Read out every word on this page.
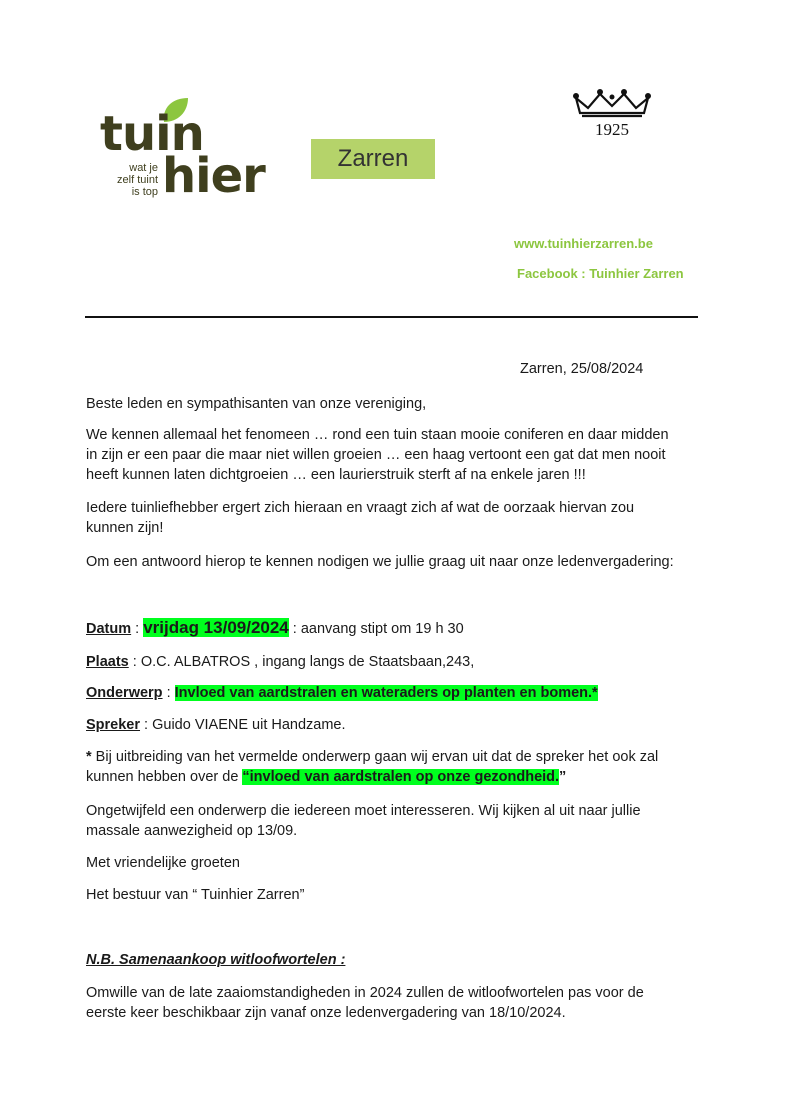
tuin
wat je
zelf tuint
is top hier	Zarren
1925
www.tuinhierzarren.be
Facebook : Tuinhier Zarren
Zarren, 25/08/2024
Beste leden en sympathisanten van onze vereniging,
We kennen allemaal het fenomeen … rond een tuin staan mooie coniferen en daar midden
in zijn er een paar die maar niet willen groeien … een haag vertoont een gat dat men nooit
heeft kunnen laten dichtgroeien … een laurierstruik sterft af na enkele jaren !!!
Iedere tuinliefhebber ergert zich hieraan en vraagt zich af wat de oorzaak hiervan zou
kunnen zijn!
Om een antwoord hierop te kennen nodigen we jullie graag uit naar onze ledenvergadering:
Datum : vrijdag 13/09/2024 : aanvang stipt om 19 h 30
Plaats : O.C. ALBATROS , ingang langs de Staatsbaan,243,
Onderwerp : Invloed van aardstralen en wateraders op planten en bomen.*
Spreker : Guido VIAENE uit Handzame.
* Bij uitbreiding van het vermelde onderwerp gaan wij ervan uit dat de spreker het ook zal
kunnen hebben over de “invloed van aardstralen op onze gezondheid.”
Ongetwijfeld een onderwerp die iedereen moet interesseren. Wij kijken al uit naar jullie
massale aanwezigheid op 13/09.
Met vriendelijke groeten
Het bestuur van “ Tuinhier Zarren”
N.B. Samenaankoop witloofwortelen :
Omwille van de late zaaiomstandigheden in 2024 zullen de witloofwortelen pas voor de
eerste keer beschikbaar zijn vanaf onze ledenvergadering van 18/10/2024.
